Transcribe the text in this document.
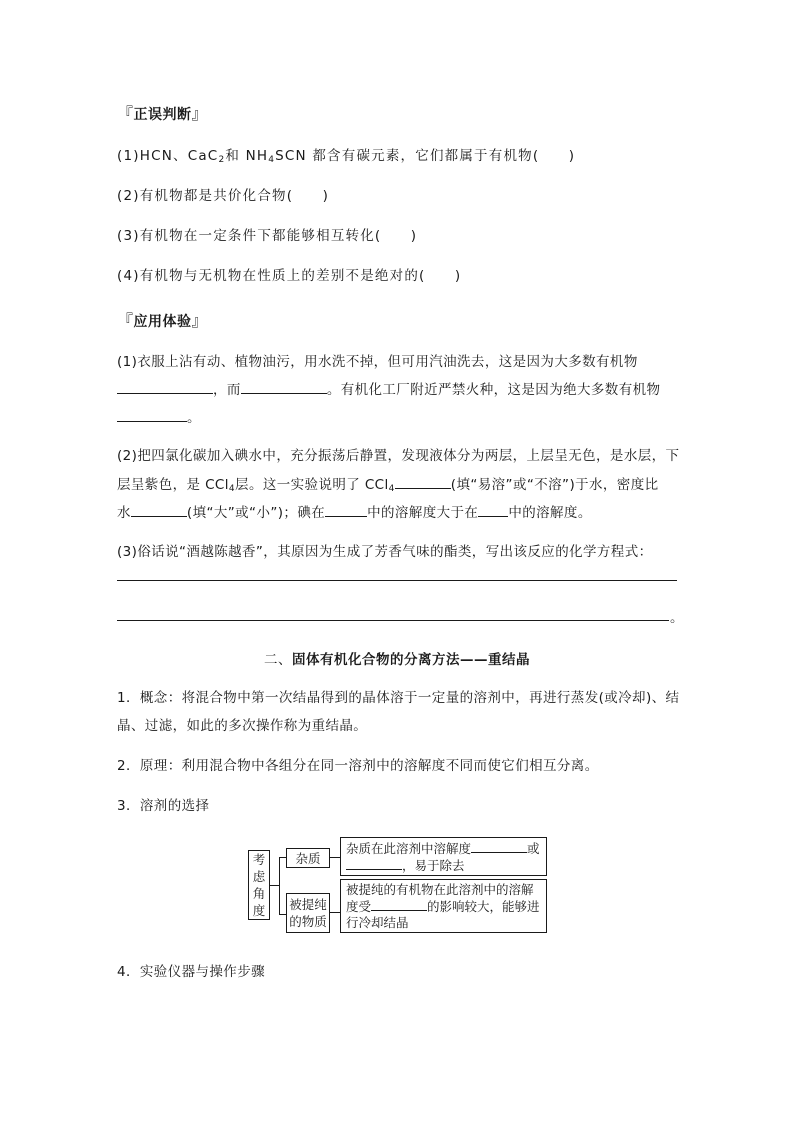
『正误判断』
(1)HCN、CaC$_2$和 $NH_4SCN$ 都含有碳元素，它们都属于有机物(　　)
(2)有机物都是共价化合物(　　)
(3)有机物在一定条件下都能够相互转化(　　)
(4)有机物与无机物在性质上的差别不是绝对的(　　)
『应用体验』
(1)衣服上沾有动、植物油污，用水洗不掉，但可用汽油洗去，这是因为大多数有机物
，而	。有机化工厂附近严禁火种，这是因为绝大多数有机物
。
(2)把四氯化碳加入碘水中，充分振荡后静置，发现液体分为两层，上层呈无色，是水层，下
层呈紫色，是 CCl$_4$层。这一实验说明了 CCl$_4$	(填“易溶”或“不溶”)于水，密度比
水	(填“大”或“小”)；碘在	中的溶解度大于在 中的溶解度。
(3)俗话说“酒越陈越香”，其原因为生成了芳香气味的酯类，写出该反应的化学方程式：
。
二、固体有机化合物的分离方法——重结晶
1．概念：将混合物中第一次结晶得到的晶体溶于一定量的溶剂中，再进行蒸发(或冷却)、结
晶、过滤，如此的多次操作称为重结晶。
2．原理：利用混合物中各组分在同一溶剂中的溶解度不同而使它们相互分离。
3．溶剂的选择
考
虑
角
度
杂质
被提纯
的物质
杂质在此溶剂中溶解度	或
，易于除去
被提纯的有机物在此溶剂中的溶解
度受	的影响较大，能够进
行冷却结晶
4．实验仪器与操作步骤
